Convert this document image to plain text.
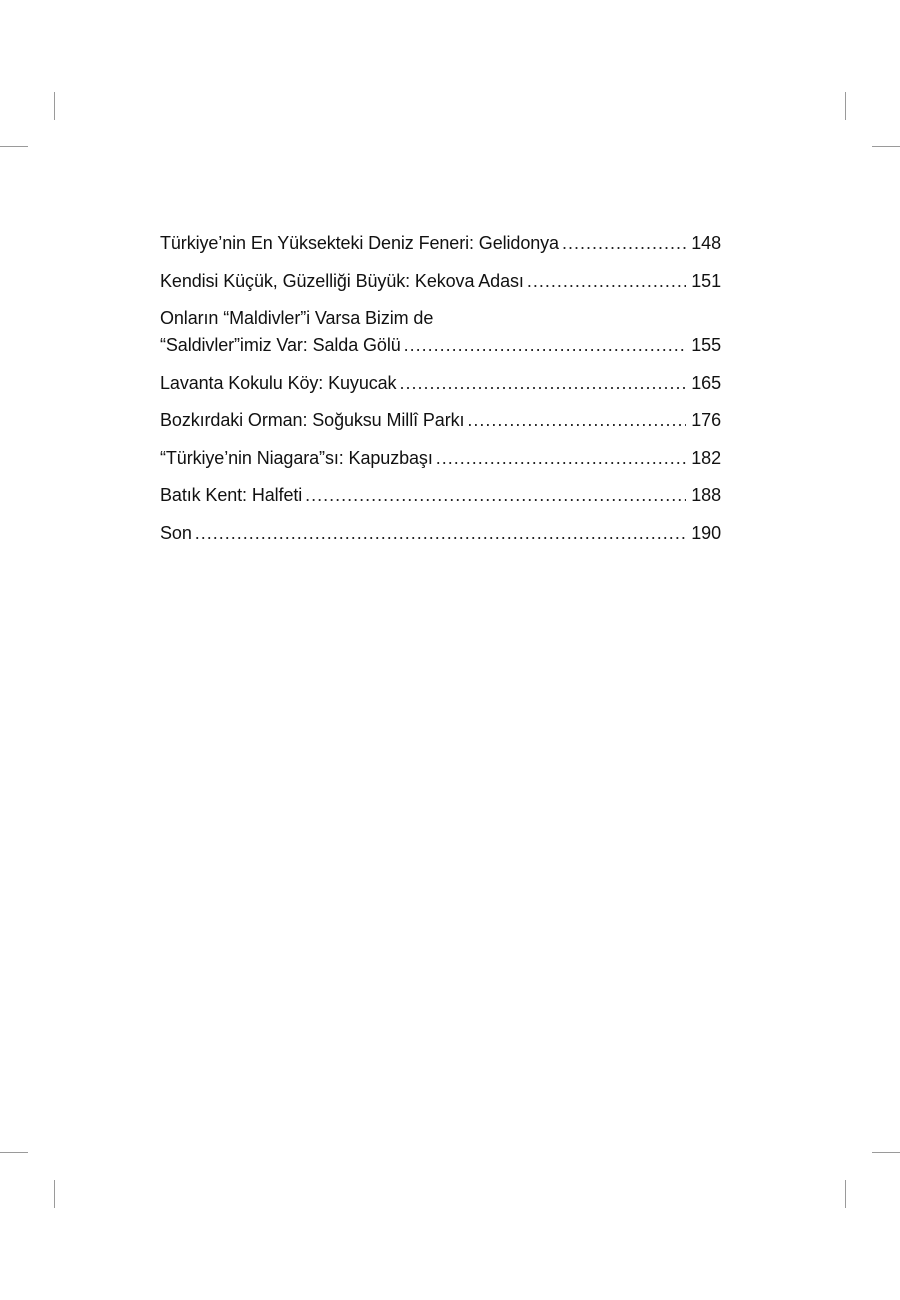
Türkiye’nin En Yüksekteki Deniz Feneri: Gelidonya .....	148
Kendisi Küçük, Güzelliği Büyük: Kekova Adası .....	151
Onların “Maldivler”i Varsa Bizim de
“Saldivler”imiz Var: Salda Gölü .....	155
Lavanta Kokulu Köy: Kuyucak .....	165
Bozkırdaki Orman: Soğuksu Millî Parkı .....	176
“Türkiye’nin Niagara”sı: Kapuzbaşı .....	182
Batık Kent: Halfeti .....	188
Son .....	190
